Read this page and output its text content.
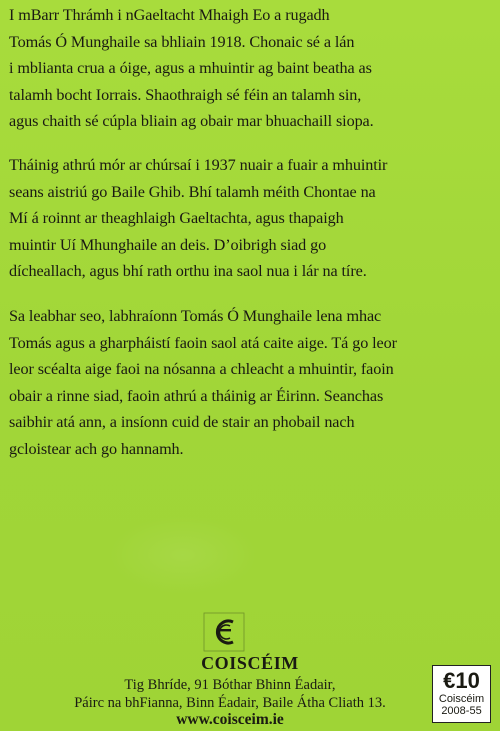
I mBarr Thrámh i nGaeltacht Mhaigh Eo a rugadh
Tomás Ó Munghaile sa bhliain 1918. Chonaic sé a lán
i mblianta crua a óige, agus a mhuintir ag baint beatha as
talamh bocht Iorrais. Shaothraigh sé féin an talamh sin,
agus chaith sé cúpla bliain ag obair mar bhuachaill siopa.

Tháinig athrú mór ar chúrsaí i 1937 nuair a fuair a mhuintir
seans aistriú go Baile Ghib. Bhí talamh méith Chontae na
Mí á roinnt ar theaghlaigh Gaeltachta, agus thapaigh
muintir Uí Mhunghaile an deis. D’oibrigh siad go
dícheallach, agus bhí rath orthu ina saol nua i lár na tíre.

Sa leabhar seo, labhraíonn Tomás Ó Munghaile lena mhac
Tomás agus a gharpháistí faoin saol atá caite aige. Tá go leor
leor scéalta aige faoi na nósanna a chleacht a mhuintir, faoin
obair a rinne siad, faoin athrú a tháinig ar Éirinn. Seanchas
saibhir atá ann, a insíonn cuid de stair an phobail nach
gcloistear ach go hannamh.

COISCÉIM
Tig Bhríde, 91 Bóthar Bhinn Éadair,
Páirc na bhFianna, Binn Éadair, Baile Átha Cliath 13.
www.coisceim.ie
€10
Coiscéim
2008-55
